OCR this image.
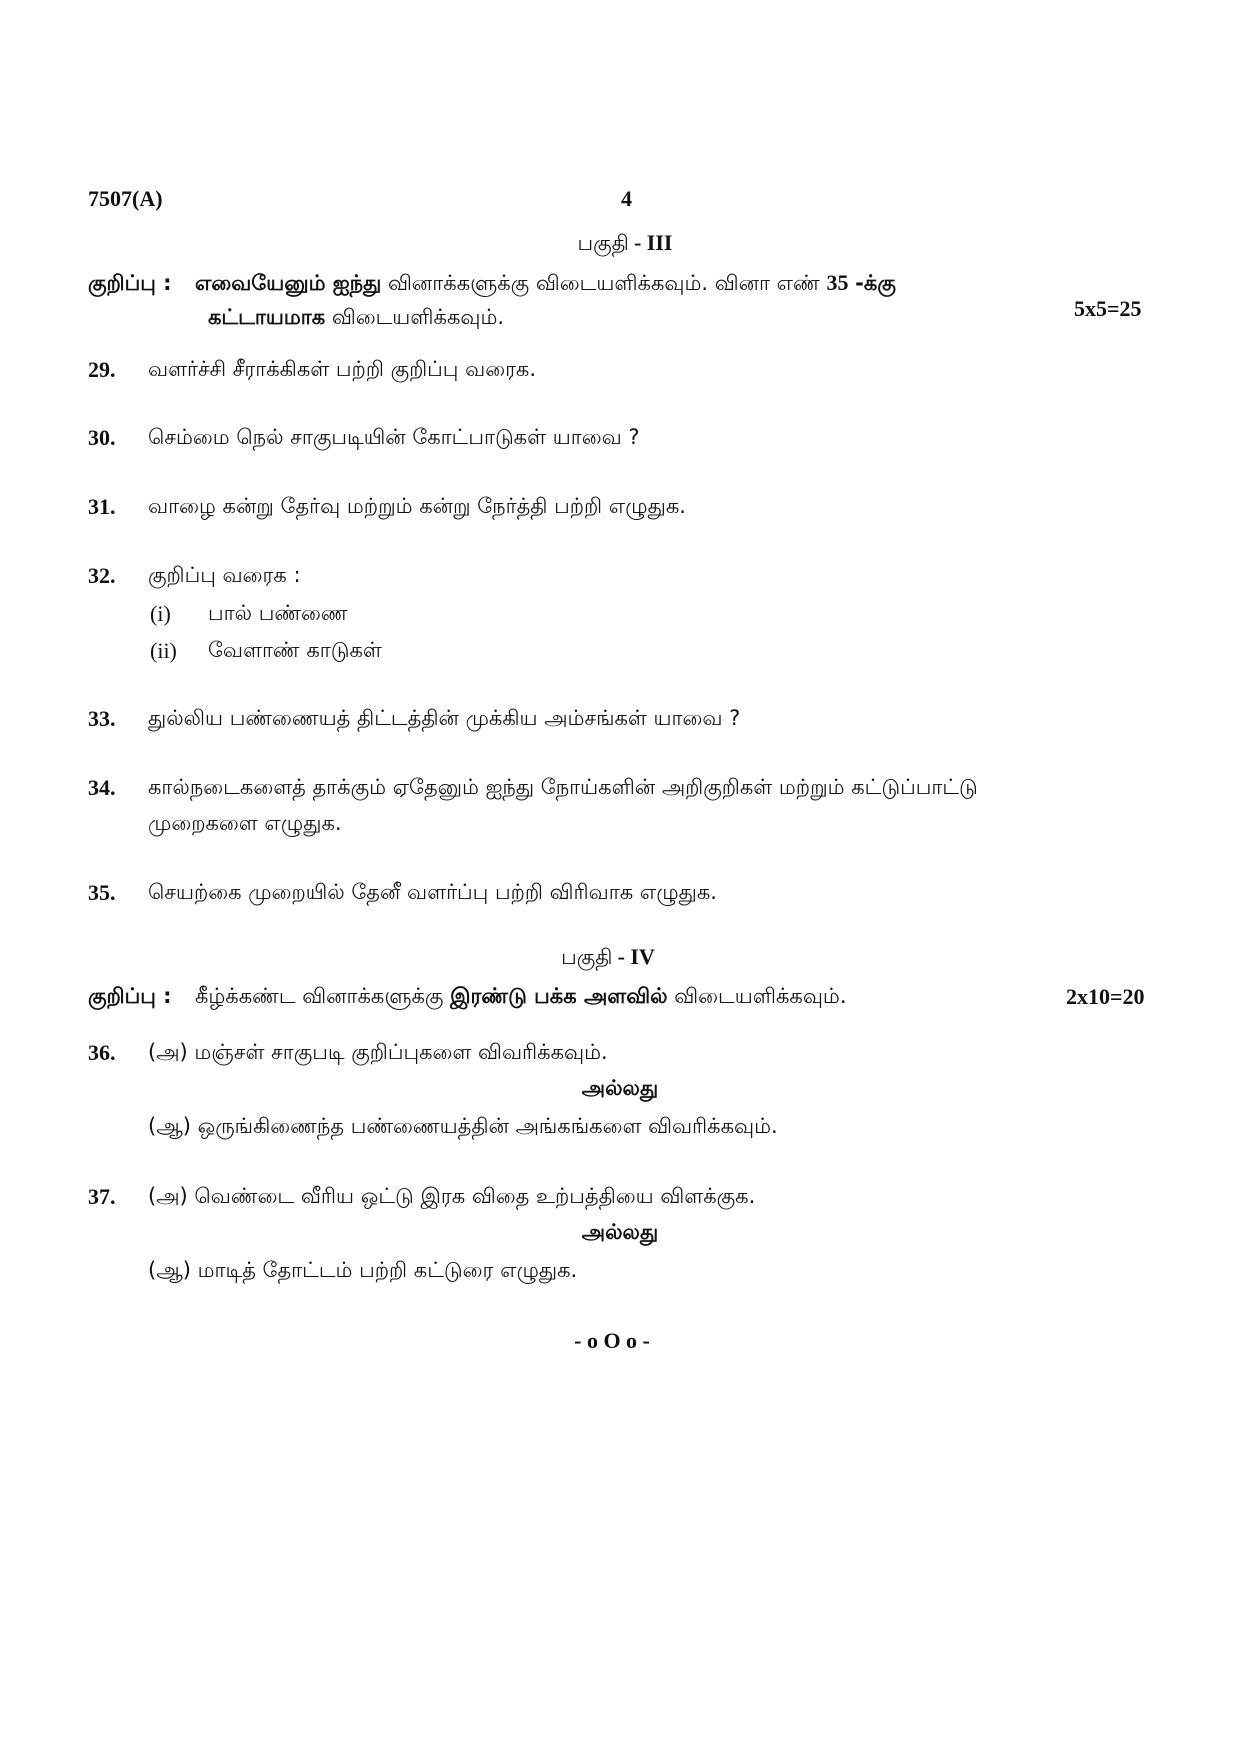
7507(A)	4
பகுதி - III
குறிப்பு : எவையேனும் ஐந்து வினாக்களுக்கு விடையளிக்கவும். வினா எண் 35 -க்கு
கட்டாயமாக விடையளிக்கவும்.	5x5=25
29. வளர்ச்சி சீராக்கிகள் பற்றி குறிப்பு வரைக.
30. செம்மை நெல் சாகுபடியின் கோட்பாடுகள் யாவை ?
31. வாழை கன்று தேர்வு மற்றும் கன்று நேர்த்தி பற்றி எழுதுக.
32. குறிப்பு வரைக :
(i) பால் பண்ணை
(ii) வேளாண் காடுகள்
33. துல்லிய பண்ணையத் திட்டத்தின் முக்கிய அம்சங்கள் யாவை ?
34. கால்நடைகளைத் தாக்கும் ஏதேனும் ஐந்து நோய்களின் அறிகுறிகள் மற்றும் கட்டுப்பாட்டு
முறைகளை எழுதுக.
35. செயற்கை முறையில் தேனீ வளர்ப்பு பற்றி விரிவாக எழுதுக.
பகுதி - IV
குறிப்பு : கீழ்க்கண்ட வினாக்களுக்கு இரண்டு பக்க அளவில் விடையளிக்கவும்.	2x10=20
36. (அ) மஞ்சள் சாகுபடி குறிப்புகளை விவரிக்கவும்.
அல்லது
(ஆ) ஒருங்கிணைந்த பண்ணையத்தின் அங்கங்களை விவரிக்கவும்.
37. (அ) வெண்டை வீரிய ஒட்டு இரக விதை உற்பத்தியை விளக்குக.
அல்லது
(ஆ) மாடித் தோட்டம் பற்றி கட்டுரை எழுதுக.
- o O o -
